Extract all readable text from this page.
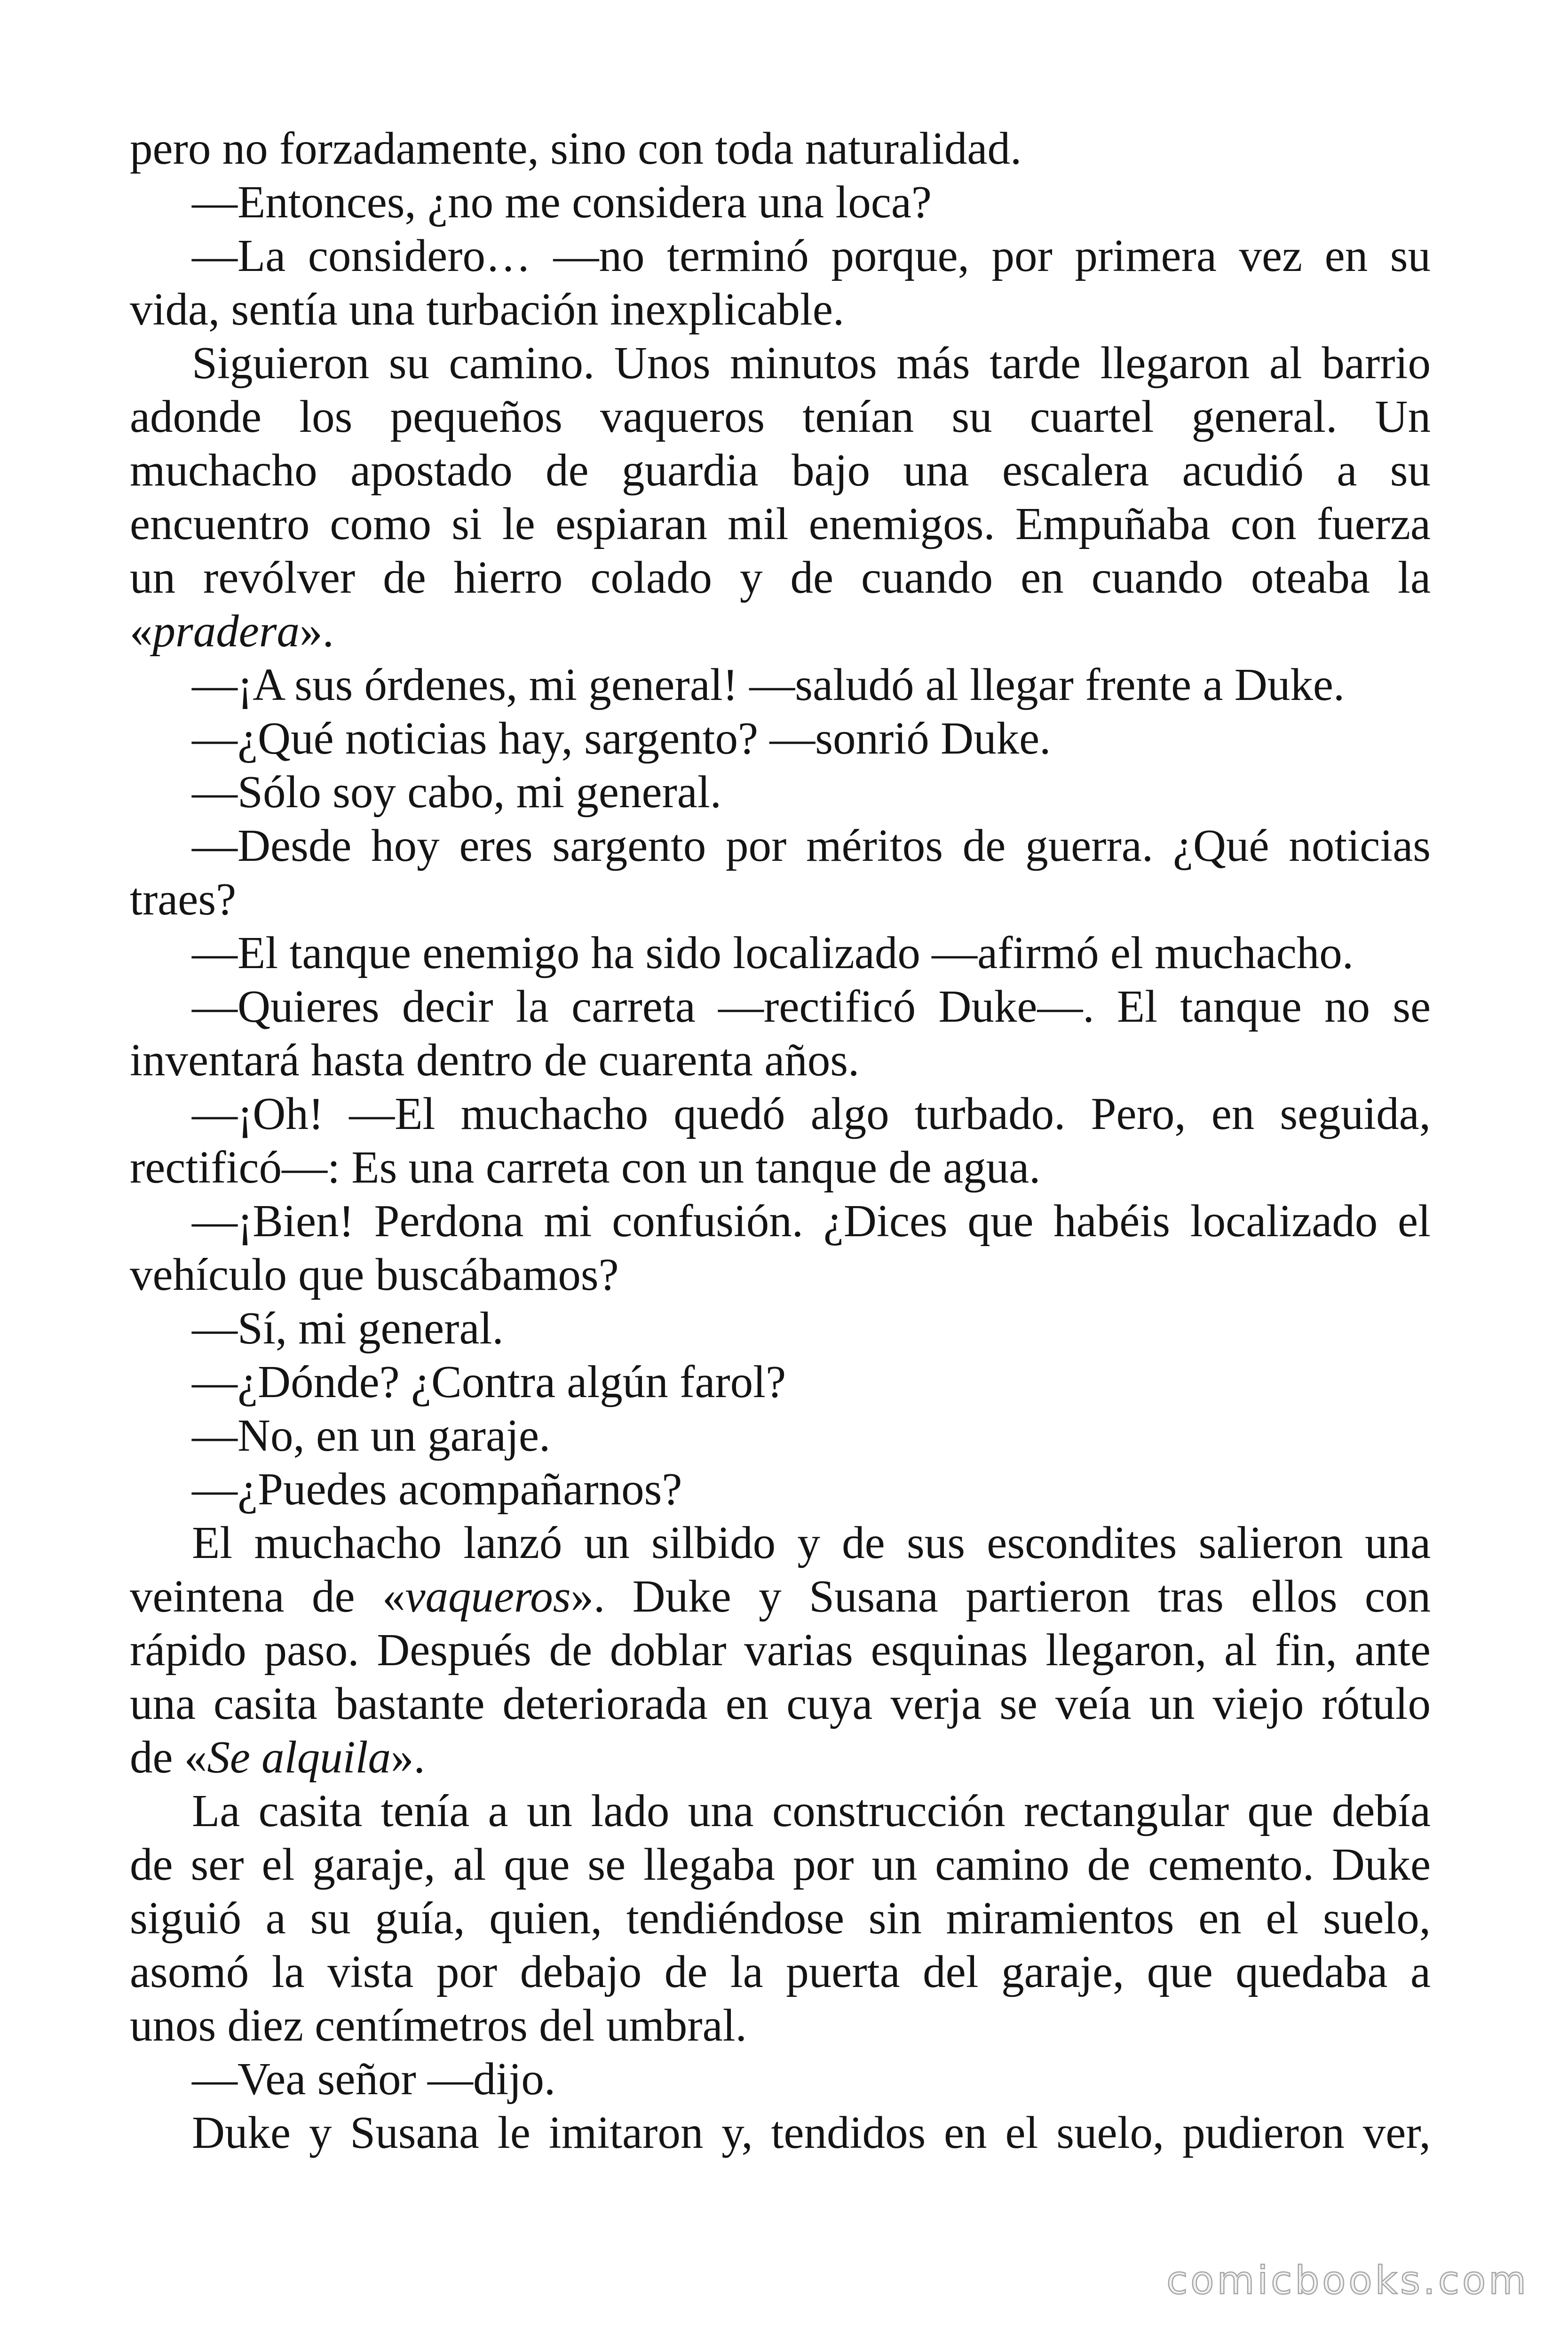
pero no forzadamente, sino con toda naturalidad.
—Entonces, ¿no me considera una loca?
—La considero… —no terminó porque, por primera vez en su
vida, sentía una turbación inexplicable.
Siguieron su camino. Unos minutos más tarde llegaron al barrio
adonde los pequeños vaqueros tenían su cuartel general. Un
muchacho apostado de guardia bajo una escalera acudió a su
encuentro como si le espiaran mil enemigos. Empuñaba con fuerza
un revólver de hierro colado y de cuando en cuando oteaba la
«pradera».
—¡A sus órdenes, mi general! —saludó al llegar frente a Duke.
—¿Qué noticias hay, sargento? —sonrió Duke.
—Sólo soy cabo, mi general.
—Desde hoy eres sargento por méritos de guerra. ¿Qué noticias
traes?
—El tanque enemigo ha sido localizado —afirmó el muchacho.
—Quieres decir la carreta —rectificó Duke—. El tanque no se
inventará hasta dentro de cuarenta años.
—¡Oh! —El muchacho quedó algo turbado. Pero, en seguida,
rectificó—: Es una carreta con un tanque de agua.
—¡Bien! Perdona mi confusión. ¿Dices que habéis localizado el
vehículo que buscábamos?
—Sí, mi general.
—¿Dónde? ¿Contra algún farol?
—No, en un garaje.
—¿Puedes acompañarnos?
El muchacho lanzó un silbido y de sus escondites salieron una
veintena de «vaqueros». Duke y Susana partieron tras ellos con
rápido paso. Después de doblar varias esquinas llegaron, al fin, ante
una casita bastante deteriorada en cuya verja se veía un viejo rótulo
de «Se alquila».
La casita tenía a un lado una construcción rectangular que debía
de ser el garaje, al que se llegaba por un camino de cemento. Duke
siguió a su guía, quien, tendiéndose sin miramientos en el suelo,
asomó la vista por debajo de la puerta del garaje, que quedaba a
unos diez centímetros del umbral.
—Vea señor —dijo.
Duke y Susana le imitaron y, tendidos en el suelo, pudieron ver,
comicbooks.com
